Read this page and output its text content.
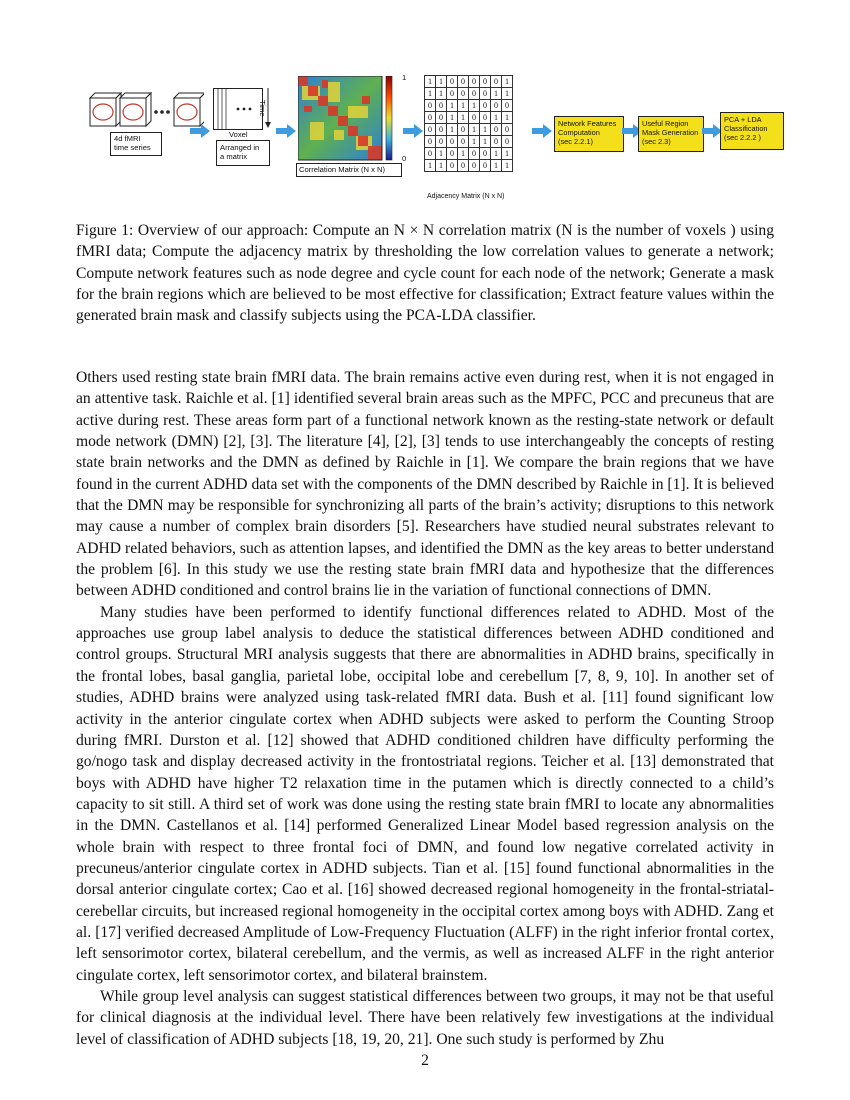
4d fMRI
time series
Time
Voxel
Arranged in
a matrix
1
0
Correlation Matrix (N x N)
1	1	0	0	0	0	0	1
1	1	0	0	0	0	1	1
0	0	1	1	1	0	0	0
0	0	1	1	0	0	1	1
0	0	1	0	1	1	0	0
0	0	0	0	1	1	0	0
0	1	0	1	0	0	1	1
1	1	0	0	0	0	1	1
Adjacency Matrix (N x N)
Network Features
Computation
(sec 2.2.1)
Useful Region
Mask Generation
(sec 2.3)
PCA + LDA
Classification
(sec 2.2.2 )
Figure 1: Overview of our approach: Compute an N × N correlation matrix (N is the number of voxels ) using fMRI data; Compute the adjacency matrix by thresholding the low correlation values to generate a network; Compute network features such as node degree and cycle count for each node of the network; Generate a mask for the brain regions which are believed to be most effective for classification; Extract feature values within the generated brain mask and classify subjects using the PCA-LDA classifier.

Others used resting state brain fMRI data. The brain remains active even during rest, when it is not engaged in an attentive task. Raichle et al. [1] identified several brain areas such as the MPFC, PCC and precuneus that are active during rest. These areas form part of a functional network known as the resting-state network or default mode network (DMN) [2], [3]. The literature [4], [2], [3] tends to use interchangeably the concepts of resting state brain networks and the DMN as defined by Raichle in [1]. We compare the brain regions that we have found in the current ADHD data set with the components of the DMN described by Raichle in [1]. It is believed that the DMN may be responsible for synchronizing all parts of the brain’s activity; disruptions to this network may cause a number of complex brain disorders [5]. Researchers have studied neural substrates relevant to ADHD related behaviors, such as attention lapses, and identified the DMN as the key areas to better understand the problem [6]. In this study we use the resting state brain fMRI data and hypothesize that the differences between ADHD conditioned and control brains lie in the variation of functional connections of DMN.

Many studies have been performed to identify functional differences related to ADHD. Most of the approaches use group label analysis to deduce the statistical differences between ADHD conditioned and control groups. Structural MRI analysis suggests that there are abnormalities in ADHD brains, specifically in the frontal lobes, basal ganglia, parietal lobe, occipital lobe and cerebellum [7, 8, 9, 10]. In another set of studies, ADHD brains were analyzed using task-related fMRI data. Bush et al. [11] found significant low activity in the anterior cingulate cortex when ADHD subjects were asked to perform the Counting Stroop during fMRI. Durston et al. [12] showed that ADHD conditioned children have difficulty performing the go/nogo task and display decreased activity in the frontostriatal regions. Teicher et al. [13] demonstrated that boys with ADHD have higher T2 relaxation time in the putamen which is directly connected to a child’s capacity to sit still. A third set of work was done using the resting state brain fMRI to locate any abnormalities in the DMN. Castellanos et al. [14] performed Generalized Linear Model based regression analysis on the whole brain with respect to three frontal foci of DMN, and found low negative correlated activity in precuneus/anterior cingulate cortex in ADHD subjects. Tian et al. [15] found functional abnormalities in the dorsal anterior cingulate cortex; Cao et al. [16] showed decreased regional homogeneity in the frontal-striatal-cerebellar circuits, but increased regional homogeneity in the occipital cortex among boys with ADHD. Zang et al. [17] verified decreased Amplitude of Low-Frequency Fluctuation (ALFF) in the right inferior frontal cortex, left sensorimotor cortex, bilateral cerebellum, and the vermis, as well as increased ALFF in the right anterior cingulate cortex, left sensorimotor cortex, and bilateral brainstem.

While group level analysis can suggest statistical differences between two groups, it may not be that useful for clinical diagnosis at the individual level. There have been relatively few investigations at the individual level of classification of ADHD subjects [18, 19, 20, 21]. One such study is performed by Zhu

2
